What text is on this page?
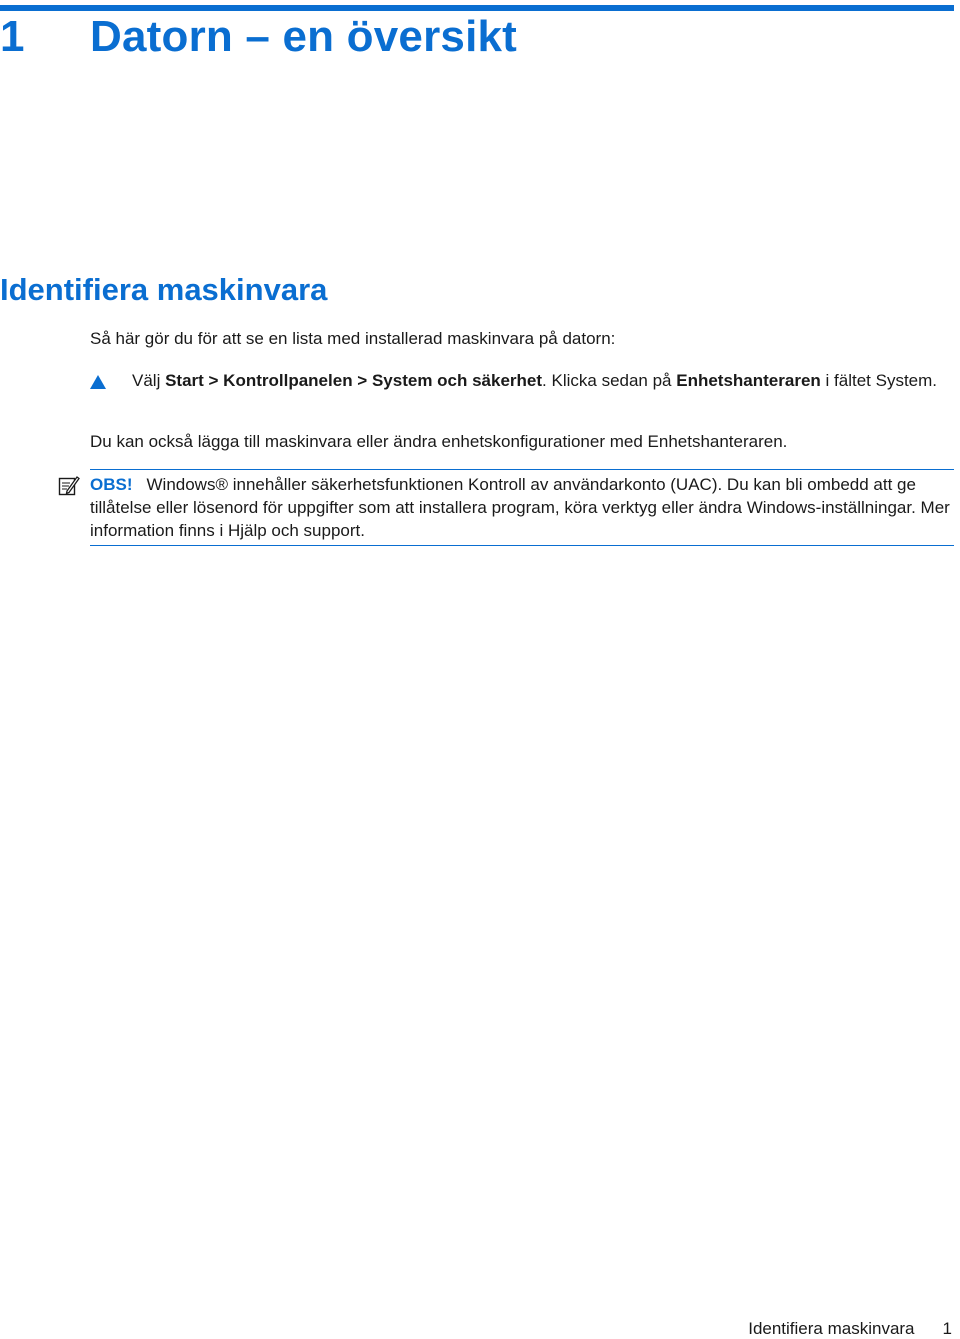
1 Datorn – en översikt
Identifiera maskinvara

Så här gör du för att se en lista med installerad maskinvara på datorn:

Välj Start > Kontrollpanelen > System och säkerhet. Klicka sedan på Enhetshanteraren i fältet System.

Du kan också lägga till maskinvara eller ändra enhetskonfigurationer med Enhetshanteraren.

OBS! Windows® innehåller säkerhetsfunktionen Kontroll av användarkonto (UAC). Du kan bli ombedd att ge tillåtelse eller lösenord för uppgifter som att installera program, köra verktyg eller ändra Windows-inställningar. Mer information finns i Hjälp och support.

Identifiera maskinvara 1
